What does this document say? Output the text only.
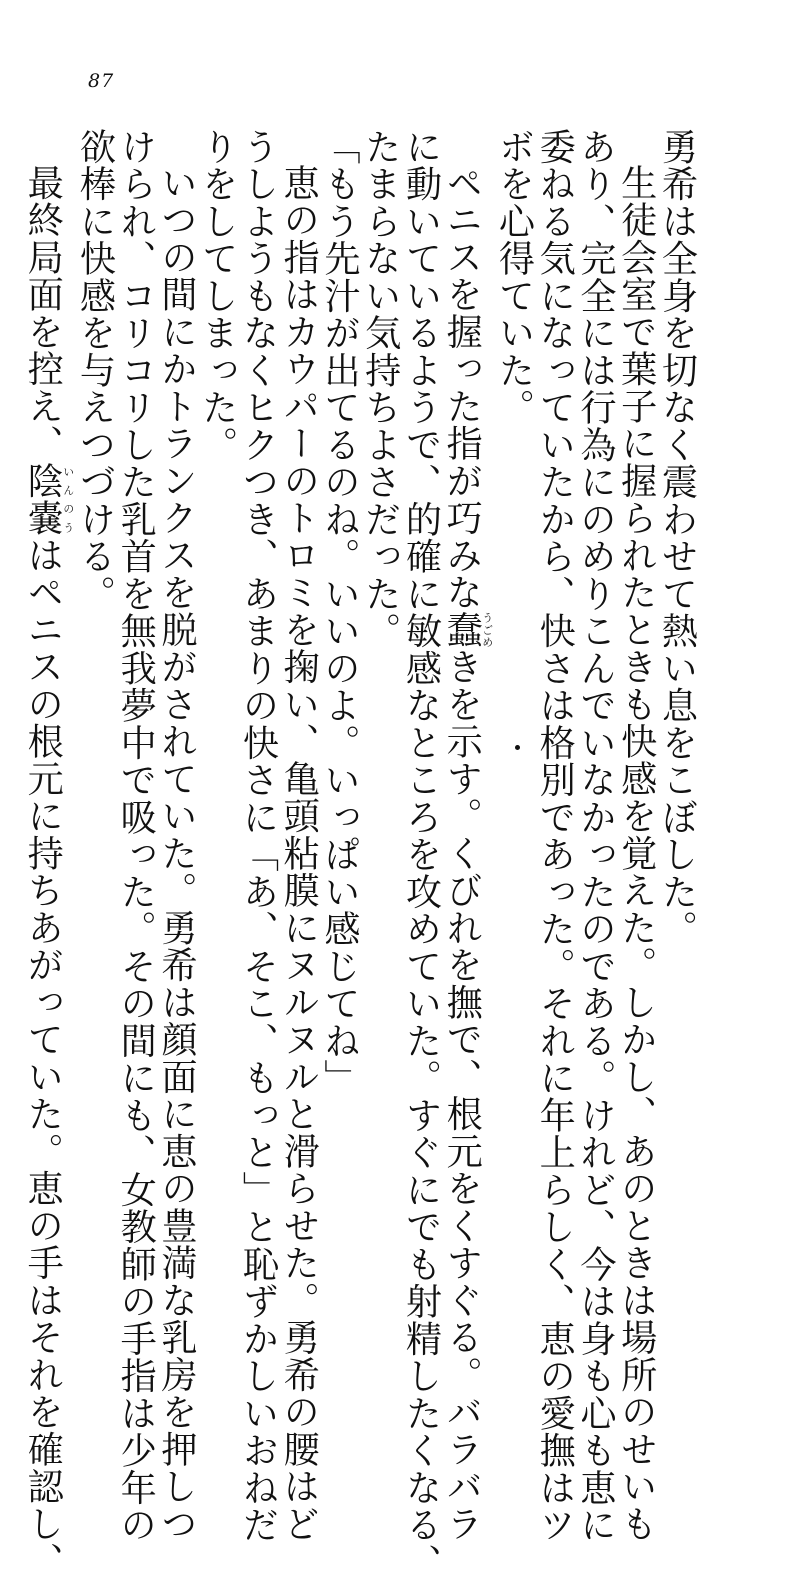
87
勇希は全身を切なく震わせて熱い息をこぼした。
生徒会室で葉子に握られたときも快感を覚えた。しかし、あのときは場所のせいも
あり、完全には行為にのめりこんでいなかったのである。けれど、今は身も心も恵に
委ねる気になっていたから、快さは格別であった。それに年上らしく、恵の愛撫はツ
ボを心得ていた。
ペニスを握った指が巧みな蠢うごめきを示す。くびれを撫で、根元をくすぐる。バラバラ
に動いているようで、的確に敏感なところを攻めていた。すぐにでも射精したくなる、
たまらない気持ちよさだった。
「もう先汁が出てるのね。いいのよ。いっぱい感じてね」
恵の指はカウパーのトロミを掬い、亀頭粘膜にヌルヌルと滑らせた。勇希の腰はど
うしようもなくヒクつき、あまりの快さに「あ、そこ、もっと」と恥ずかしいおねだ
りをしてしまった。
いつの間にかトランクスを脱がされていた。勇希は顔面に恵の豊満な乳房を押しつ
けられ、コリコリした乳首を無我夢中で吸った。その間にも、女教師の手指は少年の
欲棒に快感を与えつづける。
最終局面を控え、陰嚢いんのうはペニスの根元に持ちあがっていた。恵の手はそれを確認し、
